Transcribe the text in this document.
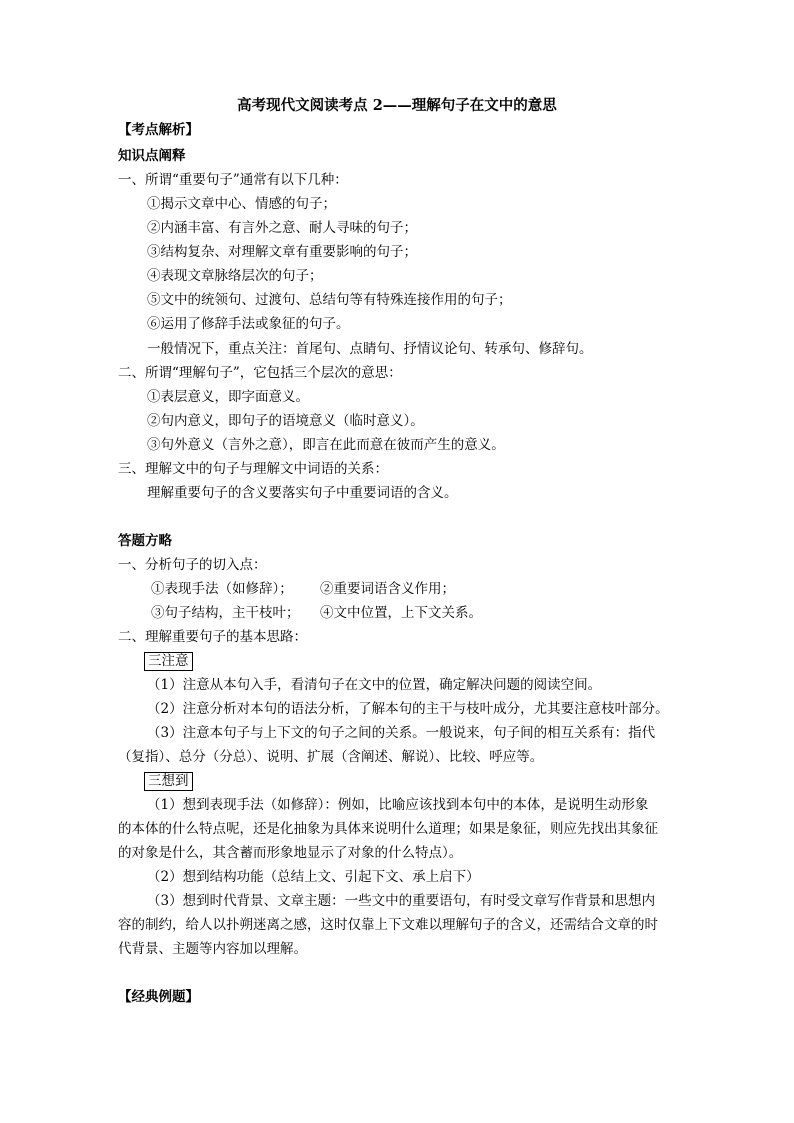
高考现代文阅读考点 2——理解句子在文中的意思
【考点解析】
知识点阐释
一、所谓“重要句子”通常有以下几种：
①揭示文章中心、情感的句子；
②内涵丰富、有言外之意、耐人寻味的句子；
③结构复杂、对理解文章有重要影响的句子；
④表现文章脉络层次的句子；
⑤文中的统领句、过渡句、总结句等有特殊连接作用的句子；
⑥运用了修辞手法或象征的句子。
一般情况下，重点关注：首尾句、点睛句、抒情议论句、转承句、修辞句。
二、所谓“理解句子”，它包括三个层次的意思：
①表层意义，即字面意义。
②句内意义，即句子的语境意义（临时意义）。
③句外意义（言外之意），即言在此而意在彼而产生的意义。
三、理解文中的句子与理解文中词语的关系：
理解重要句子的含义要落实句子中重要词语的含义。
答题方略
一、分析句子的切入点：
①表现手法（如修辞）； ②重要词语含义作用；
③句子结构，主干枝叶； ④文中位置，上下文关系。
二、理解重要句子的基本思路：
三注意
（1）注意从本句入手，看清句子在文中的位置，确定解决问题的阅读空间。
（2）注意分析对本句的语法分析，了解本句的主干与枝叶成分，尤其要注意枝叶部分。
（3）注意本句子与上下文的句子之间的关系。一般说来，句子间的相互关系有：指代
（复指）、总分（分总）、说明、扩展（含阐述、解说）、比较、呼应等。
三想到
（1）想到表现手法（如修辞）：例如，比喻应该找到本句中的本体，是说明生动形象
的本体的什么特点呢，还是化抽象为具体来说明什么道理；如果是象征，则应先找出其象征
的对象是什么，其含蓄而形象地显示了对象的什么特点）。
（2）想到结构功能（总结上文、引起下文、承上启下）
（3）想到时代背景、文章主题：一些文中的重要语句，有时受文章写作背景和思想内
容的制约，给人以扑朔迷离之感，这时仅靠上下文难以理解句子的含义，还需结合文章的时
代背景、主题等内容加以理解。
【经典例题】
